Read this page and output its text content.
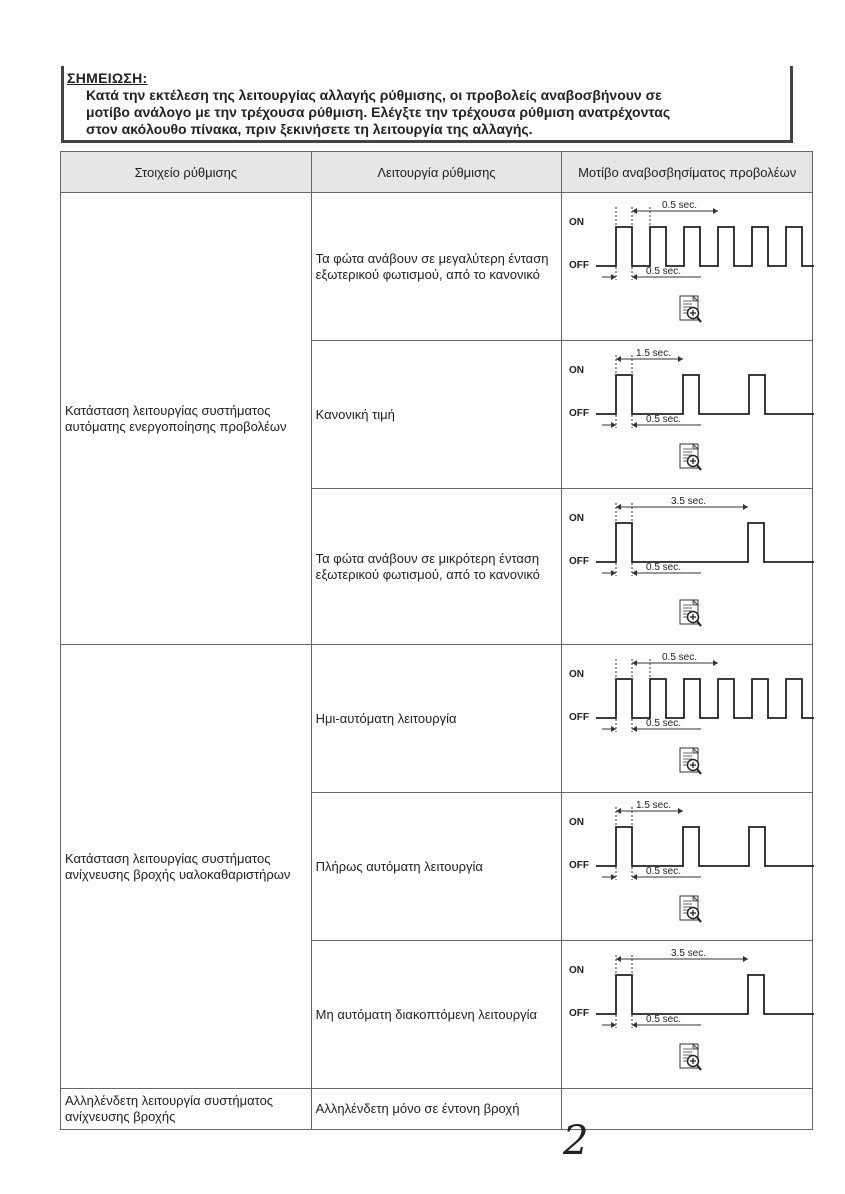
ΣΗΜΕΙΩΣΗ:
Κατά την εκτέλεση της λειτουργίας αλλαγής ρύθμισης, οι προβολείς αναβοσβήνουν σε
μοτίβο ανάλογο με την τρέχουσα ρύθμιση. Ελέγξτε την τρέχουσα ρύθμιση ανατρέχοντας
στον ακόλουθο πίνακα, πριν ξεκινήσετε τη λειτουργία της αλλαγής.
Στοιχείο ρύθμισης	Λειτουργία ρύθμισης	Μοτίβο αναβοσβησίματος προβολέων
Κατάσταση λειτουργίας συστήματος αυτόματης ενεργοποίησης προβολέων	Τα φώτα ανάβουν σε μεγαλύτερη ένταση εξωτερικού φωτισμού, από το κανονικό	ON
OFF
0.5 sec.
0.5 sec.

	Κανονική τιμή	ON
OFF
1.5 sec.
0.5 sec.

	Τα φώτα ανάβουν σε μικρότερη ένταση εξωτερικού φωτισμού, από το κανονικό	ON
OFF
3.5 sec.
0.5 sec.

Κατάσταση λειτουργίας συστήματος ανίχνευσης βροχής υαλοκαθαριστήρων	Ημι-αυτόματη λειτουργία	ON
OFF
0.5 sec.
0.5 sec.

	Πλήρως αυτόματη λειτουργία	ON
OFF
1.5 sec.
0.5 sec.

	Μη αυτόματη διακοπτόμενη λειτουργία	ON
OFF
3.5 sec.
0.5 sec.

Αλληλένδετη λειτουργία συστήματος ανίχνευσης βροχής	Αλληλένδετη μόνο σε έντονη βροχή	
2
